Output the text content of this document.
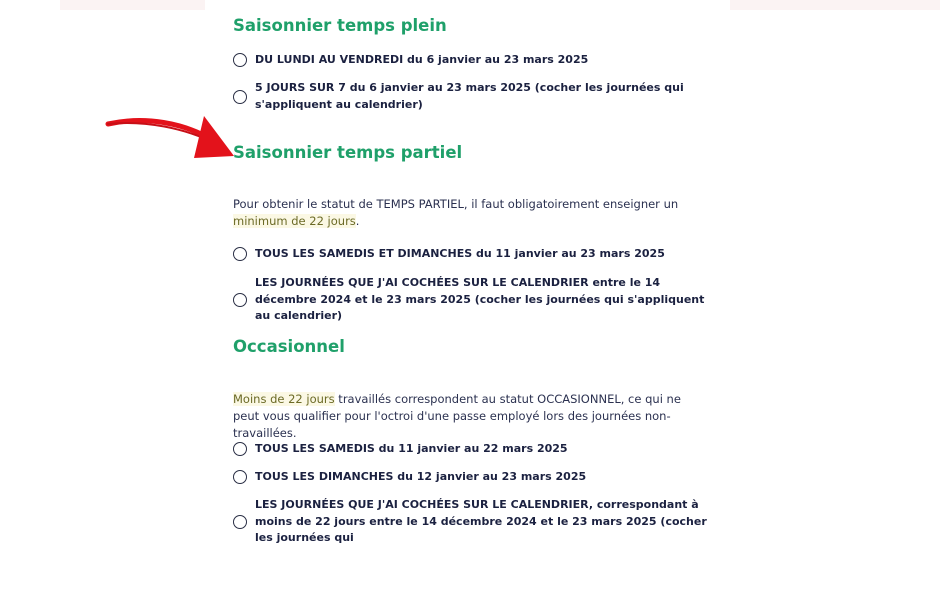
Saisonnier temps plein
DU LUNDI AU VENDREDI du 6 janvier au 23 mars 2025
5 JOURS SUR 7 du 6 janvier au 23 mars 2025 (cocher les journées qui s'appliquent au calendrier)
Saisonnier temps partiel
Pour obtenir le statut de TEMPS PARTIEL, il faut obligatoirement enseigner un minimum de 22 jours.
TOUS LES SAMEDIS ET DIMANCHES du 11 janvier au 23 mars 2025
LES JOURNÉES QUE J'AI COCHÉES SUR LE CALENDRIER entre le 14 décembre 2024 et le 23 mars 2025 (cocher les journées qui s'appliquent au calendrier)
Occasionnel
Moins de 22 jours travaillés correspondent au statut OCCASIONNEL, ce qui ne peut vous qualifier pour l'octroi d'une passe employé lors des journées non-travaillées.
TOUS LES SAMEDIS du 11 janvier au 22 mars 2025
TOUS LES DIMANCHES du 12 janvier au 23 mars 2025
LES JOURNÉES QUE J'AI COCHÉES SUR LE CALENDRIER, correspondant à moins de 22 jours entre le 14 décembre 2024 et le 23 mars 2025 (cocher les journées qui
